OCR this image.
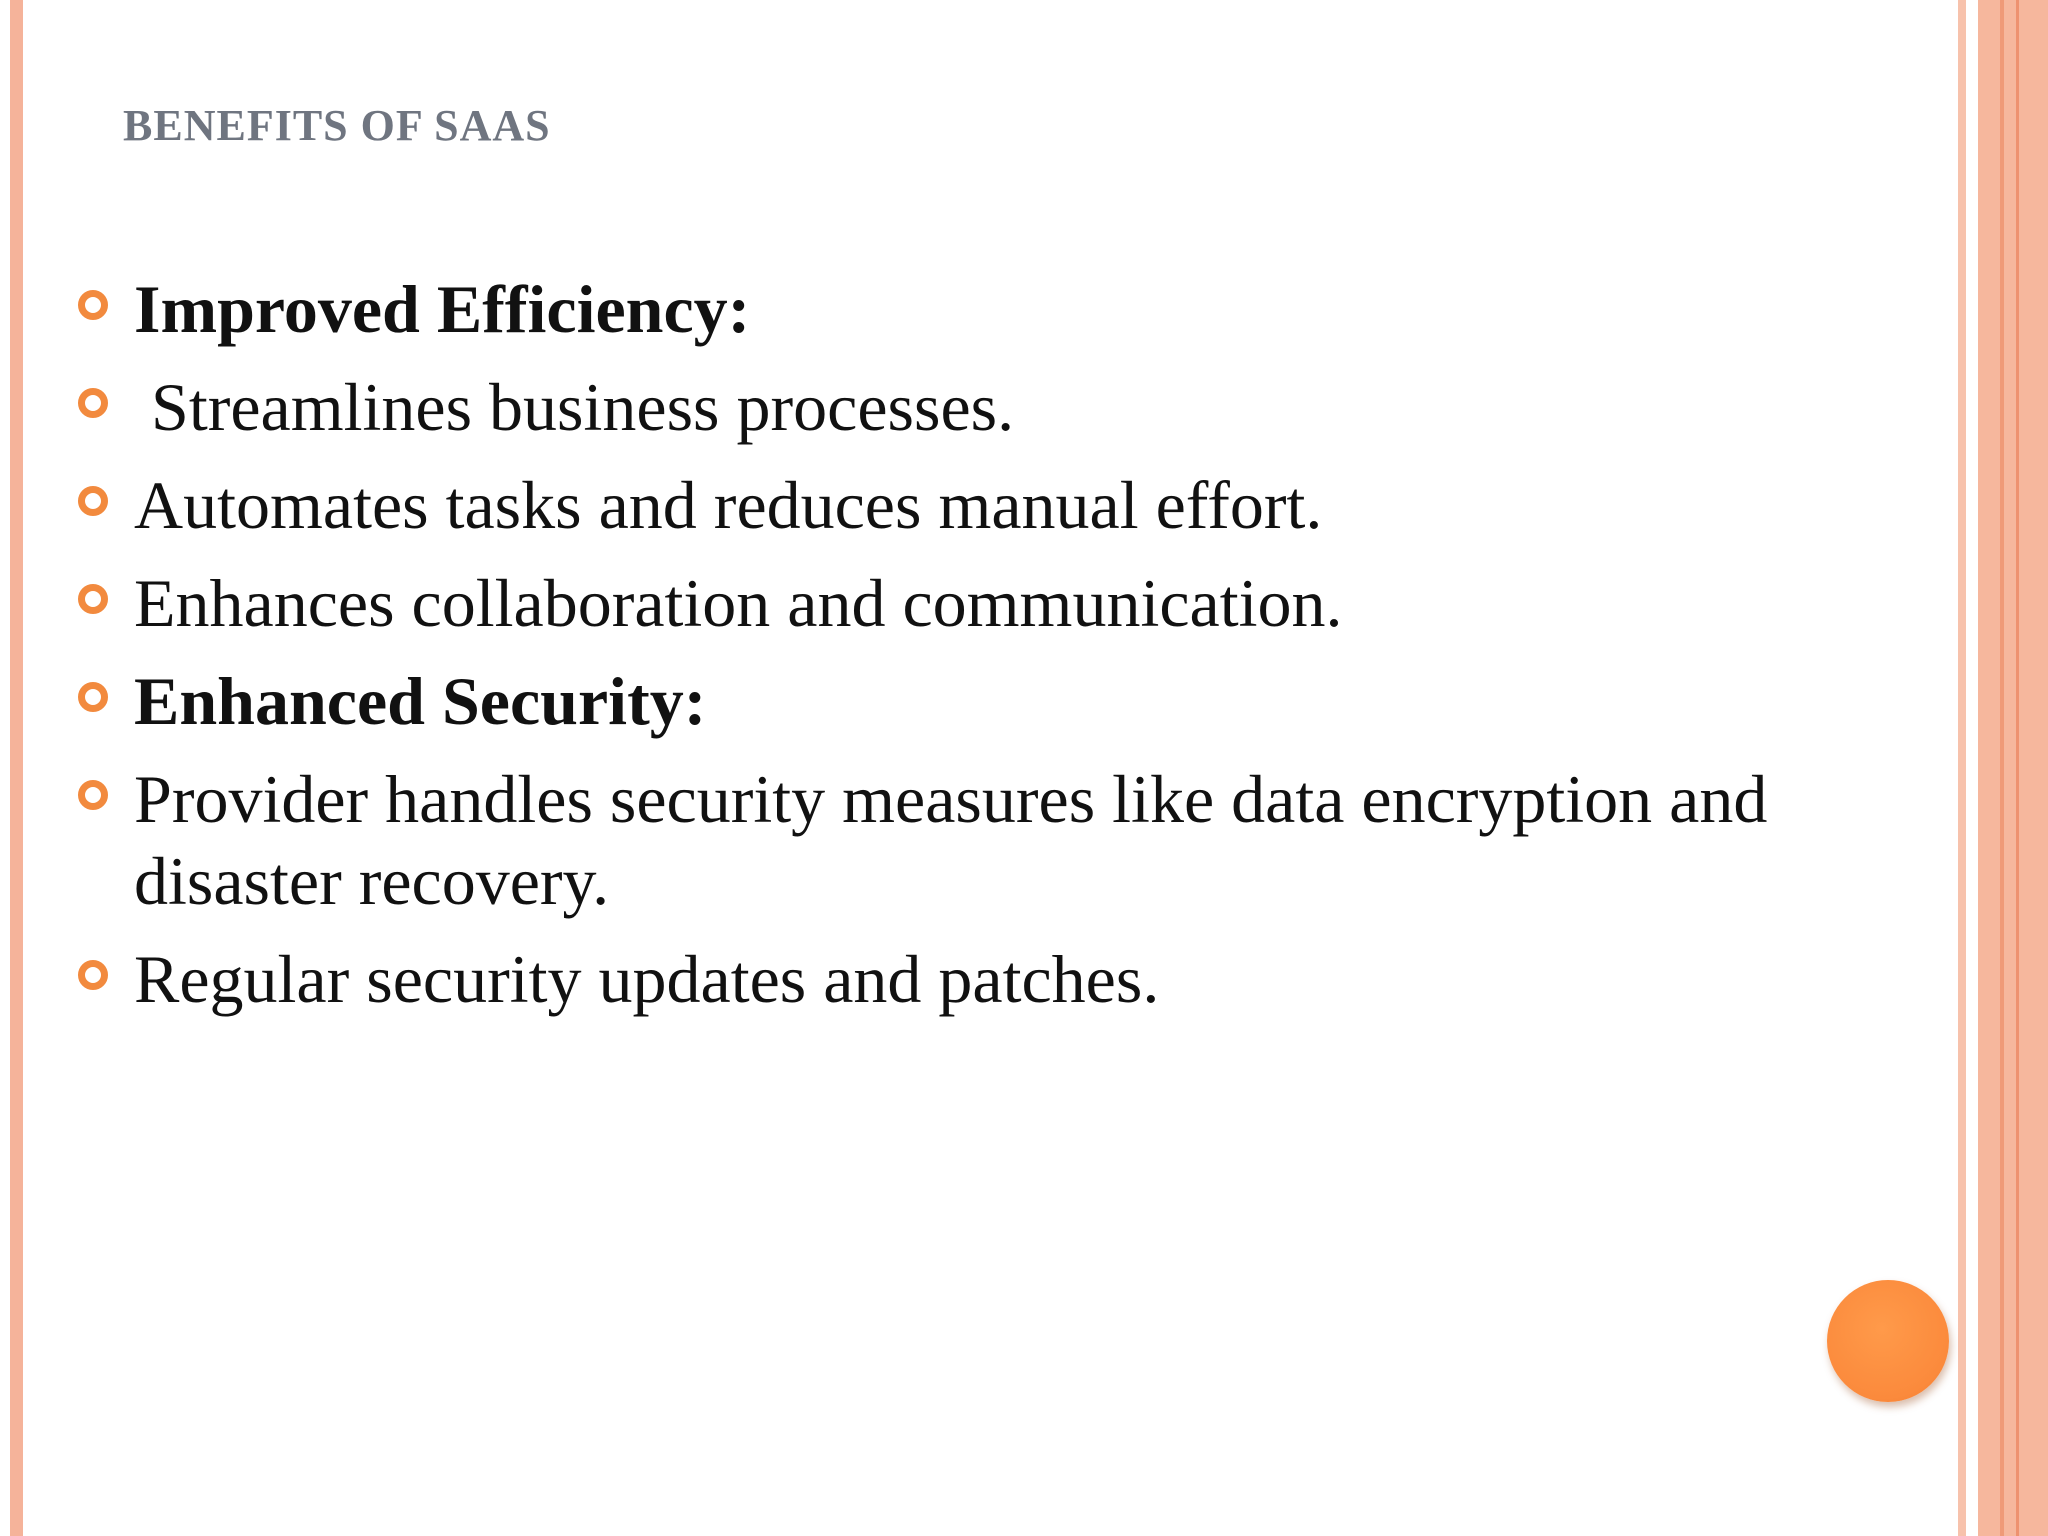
BENEFITS OF SAAS
Improved Efficiency:
Streamlines business processes.
Automates tasks and reduces manual effort.
Enhances collaboration and communication.
Enhanced Security:
Provider handles security measures like data encryption and disaster recovery.
Regular security updates and patches.
